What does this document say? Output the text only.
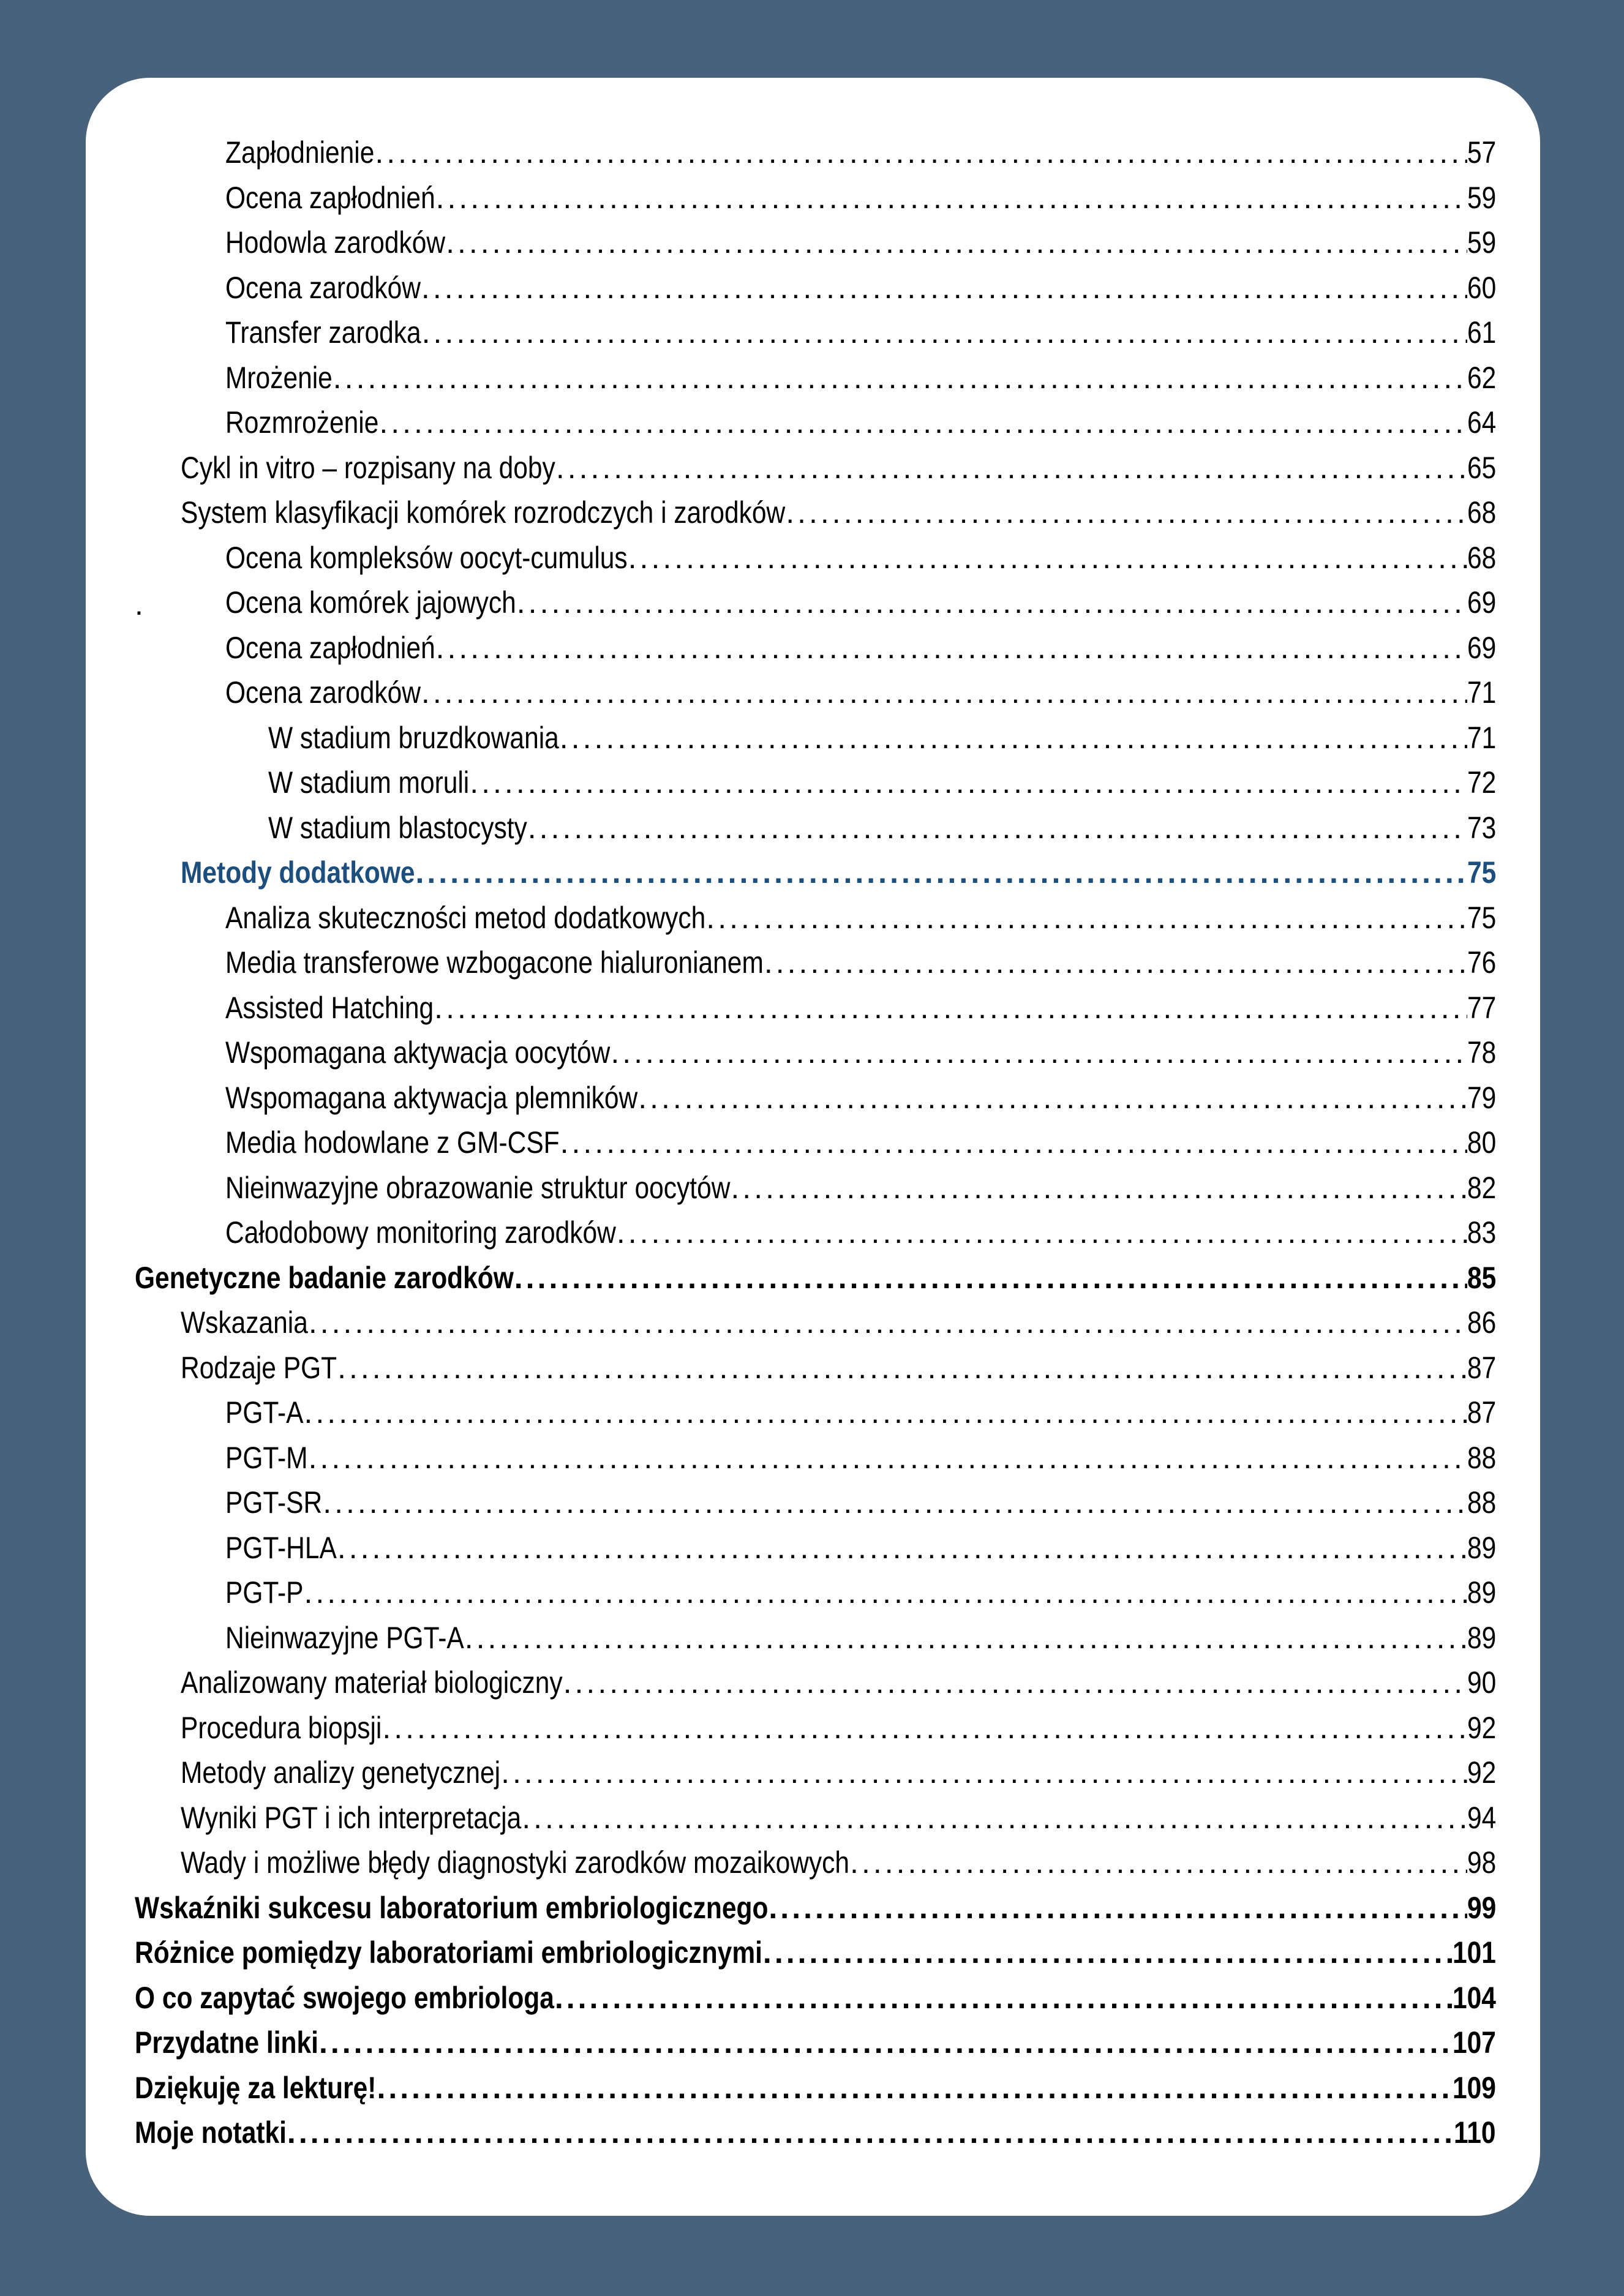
Zapłodnienie .....	57
Ocena zapłodnień .....	59
Hodowla zarodków .....	59
Ocena zarodków .....	60
Transfer zarodka .....	61
Mrożenie .....	62
Rozmrożenie .....	64
Cykl in vitro – rozpisany na doby .....	65
System klasyfikacji komórek rozrodczych i zarodków .....	68
Ocena kompleksów oocyt-cumulus .....	68
.	Ocena komórek jajowych .....	69
Ocena zapłodnień .....	69
Ocena zarodków .....	71
W stadium bruzdkowania .....	71
W stadium moruli .....	72
W stadium blastocysty .....	73
Metody dodatkowe .....	75
Analiza skuteczności metod dodatkowych .....	75
Media transferowe wzbogacone hialuronianem .....	76
Assisted Hatching .....	77
Wspomagana aktywacja oocytów .....	78
Wspomagana aktywacja plemników .....	79
Media hodowlane z GM-CSF .....	80
Nieinwazyjne obrazowanie struktur oocytów .....	82
Całodobowy monitoring zarodków .....	83
Genetyczne badanie zarodków .....	85
Wskazania .....	86
Rodzaje PGT .....	87
PGT-A .....	87
PGT-M .....	88
PGT-SR .....	88
PGT-HLA .....	89
PGT-P .....	89
Nieinwazyjne PGT-A .....	89
Analizowany materiał biologiczny .....	90
Procedura biopsji .....	92
Metody analizy genetycznej .....	92
Wyniki PGT i ich interpretacja .....	94
Wady i możliwe błędy diagnostyki zarodków mozaikowych .....	98
Wskaźniki sukcesu laboratorium embriologicznego .....	99
Różnice pomiędzy laboratoriami embriologicznymi .....	101
O co zapytać swojego embriologa .....	104
Przydatne linki .....	107
Dziękuję za lekturę! .....	109
Moje notatki .....	110
